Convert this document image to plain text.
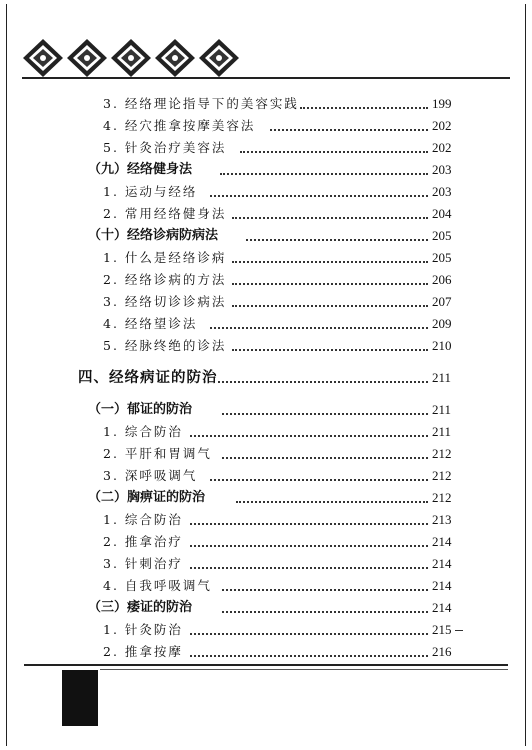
3. 经络理论指导下的美容实践	199
4. 经穴推拿按摩美容法	202
5. 针灸治疗美容法	202
（九）经络健身法	203
1. 运动与经络	203
2. 常用经络健身法	204
（十）经络诊病防病法	205
1. 什么是经络诊病	205
2. 经络诊病的方法	206
3. 经络切诊诊病法	207
4. 经络望诊法	209
5. 经脉终绝的诊法	210
四、经络病证的防治	211
（一）郁证的防治	211
1. 综合防治	211
2. 平肝和胃调气	212
3. 深呼吸调气	212
（二）胸痹证的防治	212
1. 综合防治	213
2. 推拿治疗	214
3. 针刺治疗	214
4. 自我呼吸调气	214
（三）痿证的防治	214
1. 针灸防治	215
2. 推拿按摩	216
